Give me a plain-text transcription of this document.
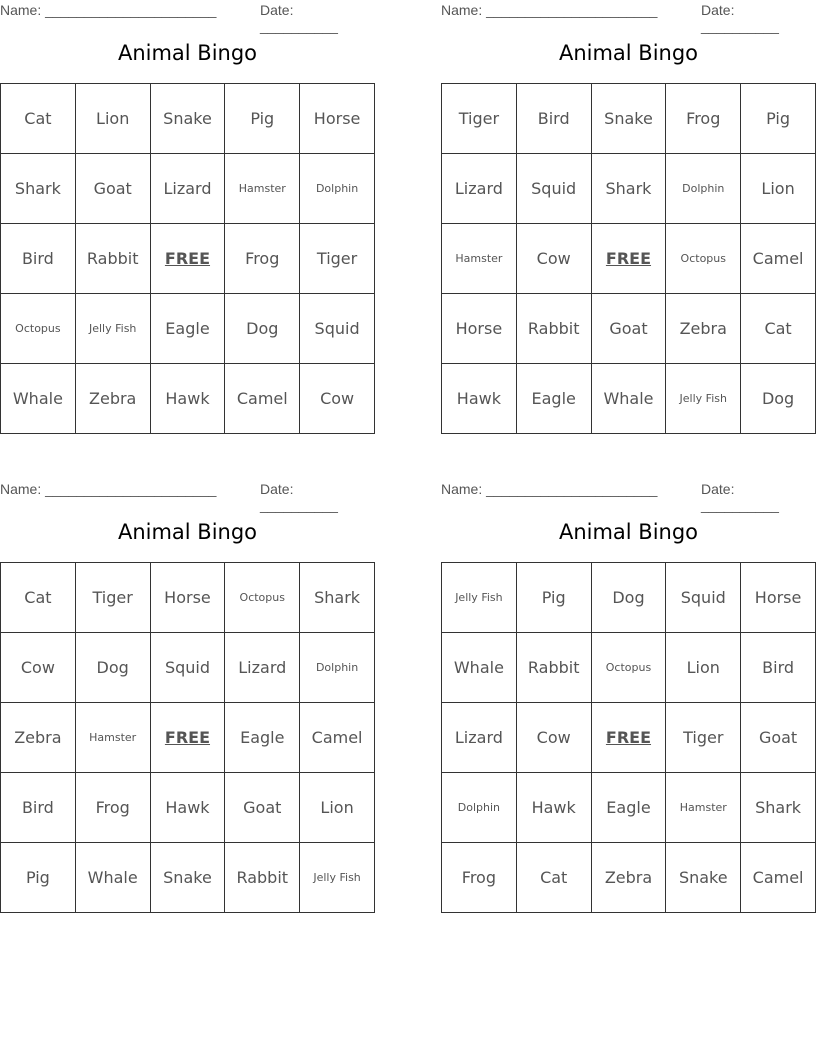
Name: ______________________	Date: __________
Animal Bingo
Cat	Lion	Snake	Pig	Horse
Shark	Goat	Lizard	Hamster	Dolphin
Bird	Rabbit	FREE	Frog	Tiger
Octopus	Jelly Fish	Eagle	Dog	Squid
Whale	Zebra	Hawk	Camel	Cow
Name: ______________________	Date: __________
Animal Bingo
Tiger	Bird	Snake	Frog	Pig
Lizard	Squid	Shark	Dolphin	Lion
Hamster	Cow	FREE	Octopus	Camel
Horse	Rabbit	Goat	Zebra	Cat
Hawk	Eagle	Whale	Jelly Fish	Dog
Name: ______________________	Date: __________
Animal Bingo
Cat	Tiger	Horse	Octopus	Shark
Cow	Dog	Squid	Lizard	Dolphin
Zebra	Hamster	FREE	Eagle	Camel
Bird	Frog	Hawk	Goat	Lion
Pig	Whale	Snake	Rabbit	Jelly Fish
Name: ______________________	Date: __________
Animal Bingo
Jelly Fish	Pig	Dog	Squid	Horse
Whale	Rabbit	Octopus	Lion	Bird
Lizard	Cow	FREE	Tiger	Goat
Dolphin	Hawk	Eagle	Hamster	Shark
Frog	Cat	Zebra	Snake	Camel
